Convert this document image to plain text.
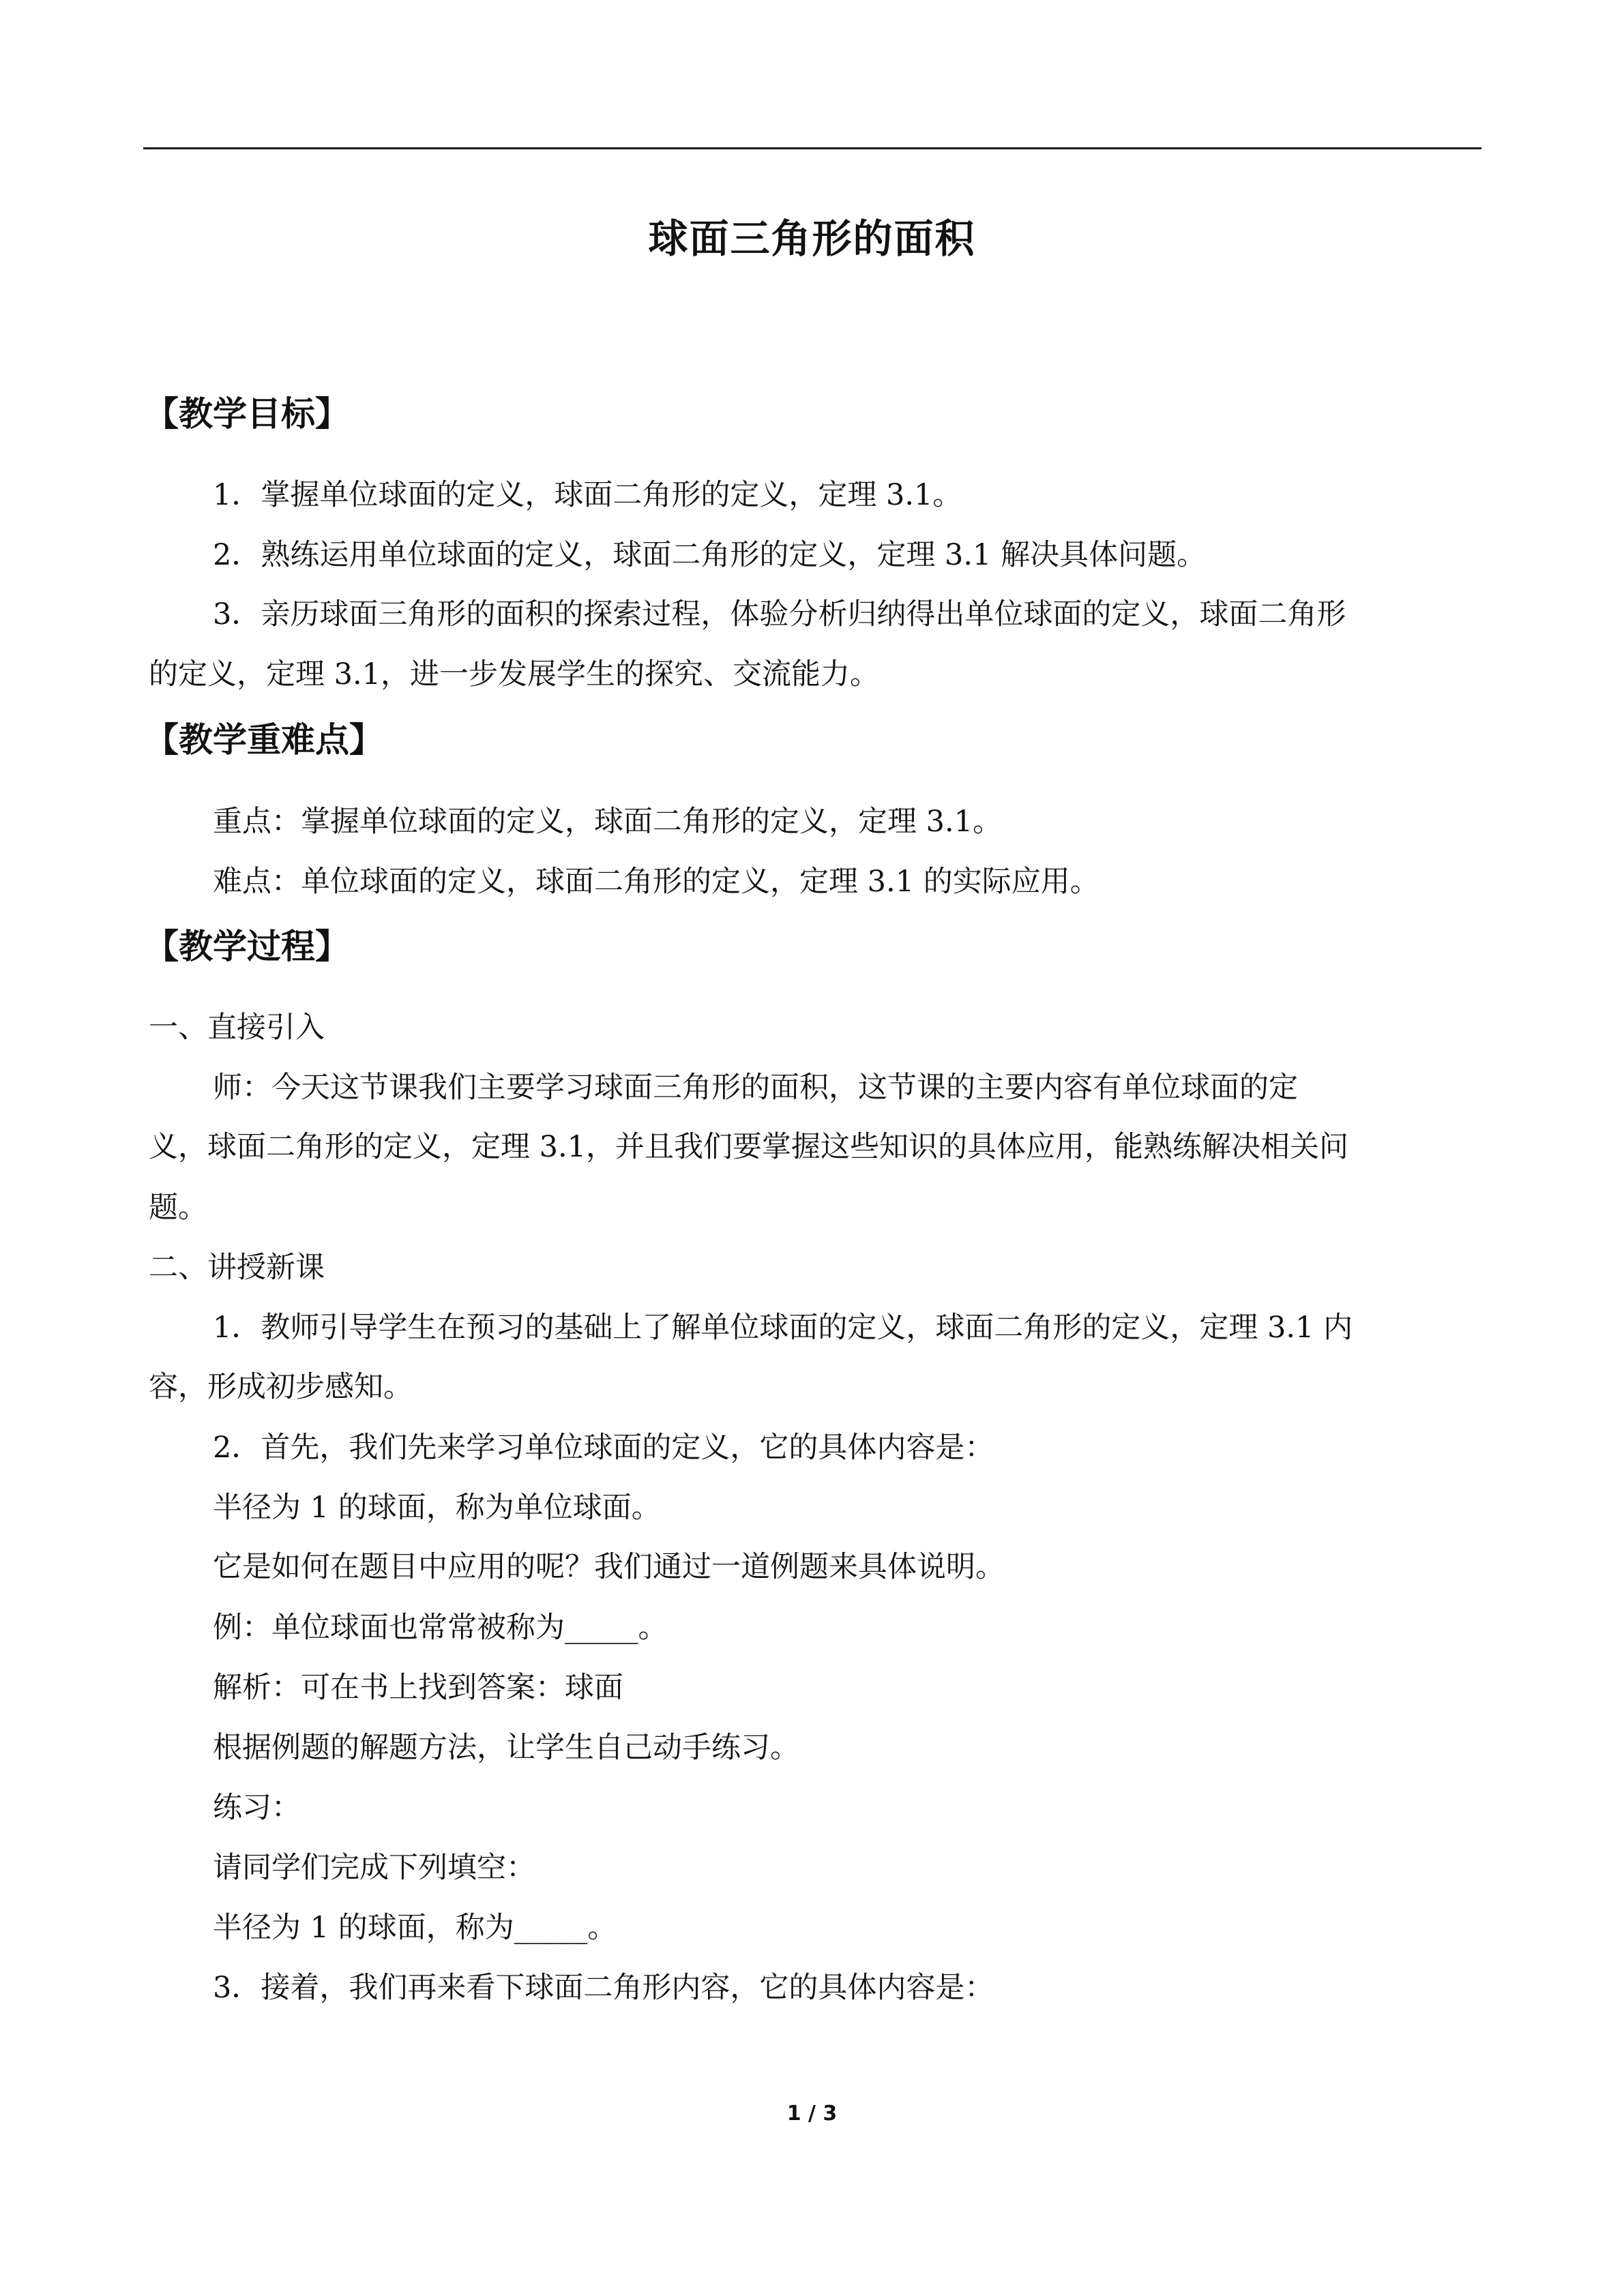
球面三角形的面积
【教学目标】
1．掌握单位球面的定义，球面二角形的定义，定理 3.1。
2．熟练运用单位球面的定义，球面二角形的定义，定理 3.1 解决具体问题。
3．亲历球面三角形的面积的探索过程，体验分析归纳得出单位球面的定义，球面二角形
的定义，定理 3.1，进一步发展学生的探究、交流能力。
【教学重难点】
重点：掌握单位球面的定义，球面二角形的定义，定理 3.1。
难点：单位球面的定义，球面二角形的定义，定理 3.1 的实际应用。
【教学过程】
一、直接引入
师：今天这节课我们主要学习球面三角形的面积，这节课的主要内容有单位球面的定
义，球面二角形的定义，定理 3.1，并且我们要掌握这些知识的具体应用，能熟练解决相关问
题。
二、讲授新课
1．教师引导学生在预习的基础上了解单位球面的定义，球面二角形的定义，定理 3.1 内
容，形成初步感知。
2．首先，我们先来学习单位球面的定义，它的具体内容是：
半径为 1 的球面，称为单位球面。
它是如何在题目中应用的呢？我们通过一道例题来具体说明。
例：单位球面也常常被称为_____。
解析：可在书上找到答案：球面
根据例题的解题方法，让学生自己动手练习。
练习：
请同学们完成下列填空：
半径为 1 的球面，称为_____。
3．接着，我们再来看下球面二角形内容，它的具体内容是：
1 / 3
